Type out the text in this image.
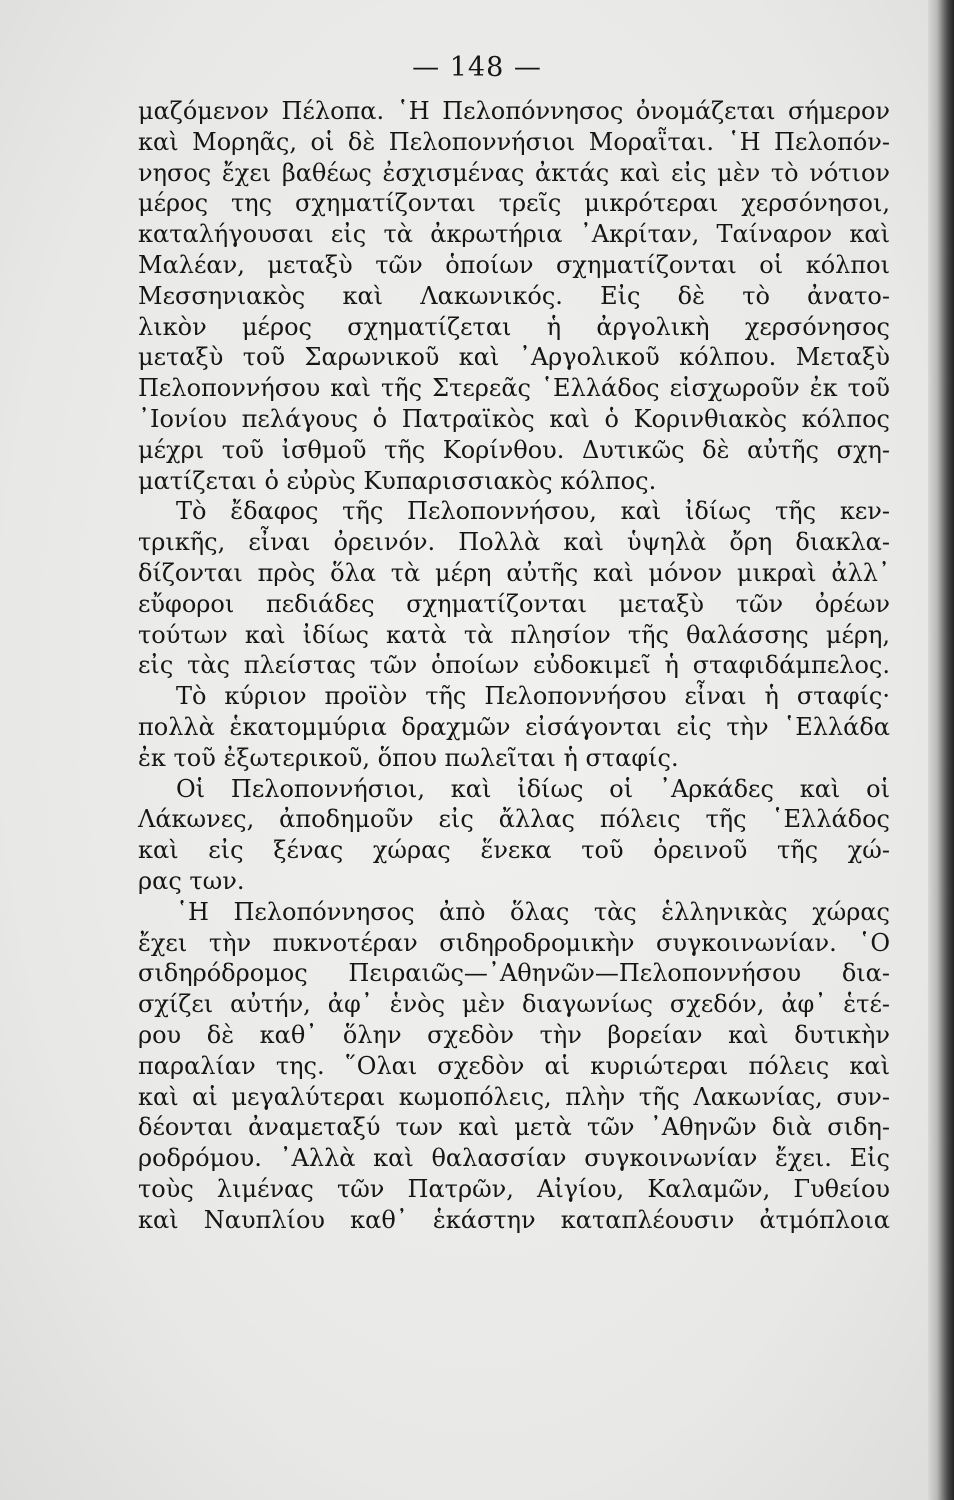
— 148 —
μαζόμενον Πέλοπα. ῾Η Πελοπόννησος ὀνομάζεται σήμερον
καὶ Μορηᾶς, οἱ δὲ Πελοποννήσιοι Μοραῗται. ῾Η Πελοπόν-
νησος ἔχει βαθέως ἐσχισμένας ἀκτάς καὶ εἰς μὲν τὸ νότιον
μέρος της σχηματίζονται τρεῖς μικρότεραι χερσόνησοι,
καταλήγουσαι εἰς τὰ ἀκρωτήρια ᾿Ακρίταν, Ταίναρον καὶ
Μαλέαν, μεταξὺ τῶν ὁποίων σχηματίζονται οἱ κόλποι
Μεσσηνιακὸς καὶ Λακωνικός. Εἰς δὲ τὸ ἀνατο-
λικὸν μέρος σχηματίζεται ἡ ἀργολικὴ χερσόνησος
μεταξὺ τοῦ Σαρωνικοῦ καὶ ᾿Αργολικοῦ κόλπου. Μεταξὺ
Πελοποννήσου καὶ τῆς Στερεᾶς ῾Ελλάδος εἰσχωροῦν ἐκ τοῦ
᾿Ιονίου πελάγους ὁ Πατραϊκὸς καὶ ὁ Κορινθιακὸς κόλπος
μέχρι τοῦ ἰσθμοῦ τῆς Κορίνθου. Δυτικῶς δὲ αὐτῆς σχη-
ματίζεται ὁ εὐρὺς Κυπαρισσιακὸς κόλπος.
Τὸ ἔδαφος τῆς Πελοποννήσου, καὶ ἰδίως τῆς κεν-
τρικῆς, εἶναι ὀρεινόν. Πολλὰ καὶ ὑψηλὰ ὄρη διακλα-
δίζονται πρὸς ὅλα τὰ μέρη αὐτῆς καὶ μόνον μικραὶ ἀλλ᾿
εὔφοροι πεδιάδες σχηματίζονται μεταξὺ τῶν ὀρέων
τούτων καὶ ἰδίως κατὰ τὰ πλησίον τῆς θαλάσσης μέρη,
εἰς τὰς πλείστας τῶν ὁποίων εὐδοκιμεῖ ἡ σταφιδάμπελος.
Τὸ κύριον προϊὸν τῆς Πελοποννήσου εἶναι ἡ σταφίς·
πολλὰ ἑκατομμύρια δραχμῶν εἰσάγονται εἰς τὴν ῾Ελλάδα
ἐκ τοῦ ἐξωτερικοῦ, ὅπου πωλεῖται ἡ σταφίς.
Οἱ Πελοποννήσιοι, καὶ ἰδίως οἱ ᾿Αρκάδες καὶ οἱ
Λάκωνες, ἀποδημοῦν εἰς ἄλλας πόλεις τῆς ῾Ελλάδος
καὶ εἰς ξένας χώρας ἕνεκα τοῦ ὀρεινοῦ τῆς χώ-
ρας των.
῾Η Πελοπόννησος ἀπὸ ὅλας τὰς ἑλληνικὰς χώρας
ἔχει τὴν πυκνοτέραν σιδηροδρομικὴν συγκοινωνίαν. ῾Ο
σιδηρόδρομος Πειραιῶς—᾿Αθηνῶν—Πελοποννήσου δια-
σχίζει αὐτήν, ἀφ᾿ ἑνὸς μὲν διαγωνίως σχεδόν, ἀφ᾿ ἑτέ-
ρου δὲ καθ᾿ ὅλην σχεδὸν τὴν βορείαν καὶ δυτικὴν
παραλίαν της. ῞Ολαι σχεδὸν αἱ κυριώτεραι πόλεις καὶ
καὶ αἱ μεγαλύτεραι κωμοπόλεις, πλὴν τῆς Λακωνίας, συν-
δέονται ἀναμεταξύ των καὶ μετὰ τῶν ᾿Αθηνῶν διὰ σιδη-
ροδρόμου. ᾿Αλλὰ καὶ θαλασσίαν συγκοινωνίαν ἔχει. Εἰς
τοὺς λιμένας τῶν Πατρῶν, Αἰγίου, Καλαμῶν, Γυθείου
καὶ Ναυπλίου καθ᾿ ἑκάστην καταπλέουσιν ἀτμόπλοια
